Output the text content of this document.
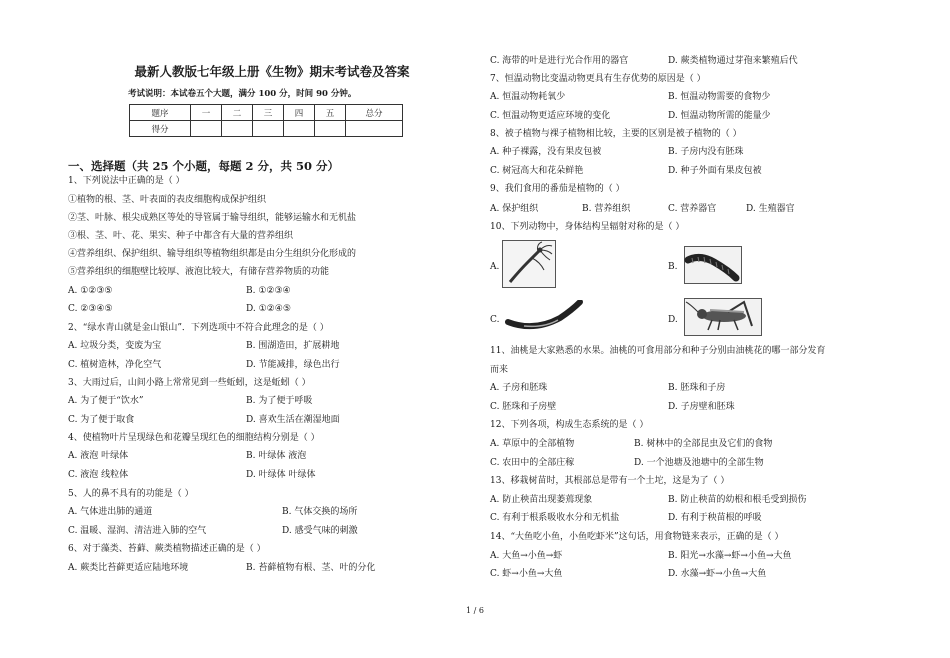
最新人教版七年级上册《生物》期末考试卷及答案
考试说明：本试卷五个大题，满分 100 分，时间 90 分钟。
题序	一	二	三	四	五	总分
得分						
一、选择题（共 25 个小题，每题 2 分，共 50 分）
1、下列说法中正确的是（ ）
①植物的根、茎、叶表面的表皮细胞构成保护组织
②茎、叶脉、根尖成熟区等处的导管属于输导组织，能够运输水和无机盐
③根、茎、叶、花、果实、种子中都含有大量的营养组织
④营养组织、保护组织、输导组织等植物组织都是由分生组织分化形成的
⑤营养组织的细胞壁比较厚、液泡比较大，有储存营养物质的功能
A. ①②③⑤	B. ①②③④
C. ②③④⑤	D. ①②④⑤
2、“绿水青山就是金山银山”．下列选项中不符合此理念的是（ ）
A. 垃圾分类，变废为宝	B. 围湖造田，扩展耕地
C. 植树造林，净化空气	D. 节能减排，绿色出行
3、大雨过后，山间小路上常常见到一些蚯蚓，这是蚯蚓（ ）
A. 为了便于“饮水”	B. 为了便于呼吸
C. 为了便于取食	D. 喜欢生活在潮湿地面
4、使植物叶片呈现绿色和花瓣呈现红色的细胞结构分别是（ ）
A. 液泡 叶绿体	B. 叶绿体 液泡
C. 液泡 线粒体	D. 叶绿体 叶绿体
5、人的鼻不具有的功能是（ ）
A. 气体进出肺的通道	B. 气体交换的场所
C. 温暖、湿润、清洁进入肺的空气	D. 感受气味的刺激
6、对于藻类、苔藓、蕨类植物描述正确的是（ ）
A. 蕨类比苔藓更适应陆地环境	B. 苔藓植物有根、茎、叶的分化
C. 海带的叶是进行光合作用的器官	D. 蕨类植物通过芽孢来繁殖后代
7、恒温动物比变温动物更具有生存优势的原因是（ ）
A. 恒温动物耗氧少	B. 恒温动物需要的食物少
C. 恒温动物更适应环境的变化	D. 恒温动物所需的能量少
8、被子植物与裸子植物相比较，主要的区别是被子植物的（ ）
A. 种子裸露，没有果皮包被	B. 子房内没有胚珠
C. 树冠高大和花朵鲜艳	D. 种子外面有果皮包被
9、我们食用的番茄是植物的（ ）
A. 保护组织	B. 营养组织	C. 营养器官	D. 生殖器官
10、下列动物中，身体结构呈辐射对称的是（ ）
A.	B.
C.	D.
11、油桃是大家熟悉的水果。油桃的可食用部分和种子分别由油桃花的哪一部分发育
而来
A. 子房和胚珠	B. 胚珠和子房
C. 胚珠和子房壁	D. 子房壁和胚珠
12、下列各项，构成生态系统的是（ ）
A. 草原中的全部植物	B. 树林中的全部昆虫及它们的食物
C. 农田中的全部庄稼	D. 一个池塘及池塘中的全部生物
13、移栽树苗时，其根部总是带有一个土坨，这是为了（ ）
A. 防止秧苗出现萎蔫现象	B. 防止秧苗的幼根和根毛受到损伤
C. 有利于根系吸收水分和无机盐	D. 有利于秧苗根的呼吸
14、“大鱼吃小鱼，小鱼吃虾米”这句话，用食物链来表示，正确的是（ ）
A. 大鱼→小鱼→虾	B. 阳光→水藻→虾→小鱼→大鱼
C. 虾→小鱼→大鱼	D. 水藻→虾→小鱼→大鱼
1 / 6
